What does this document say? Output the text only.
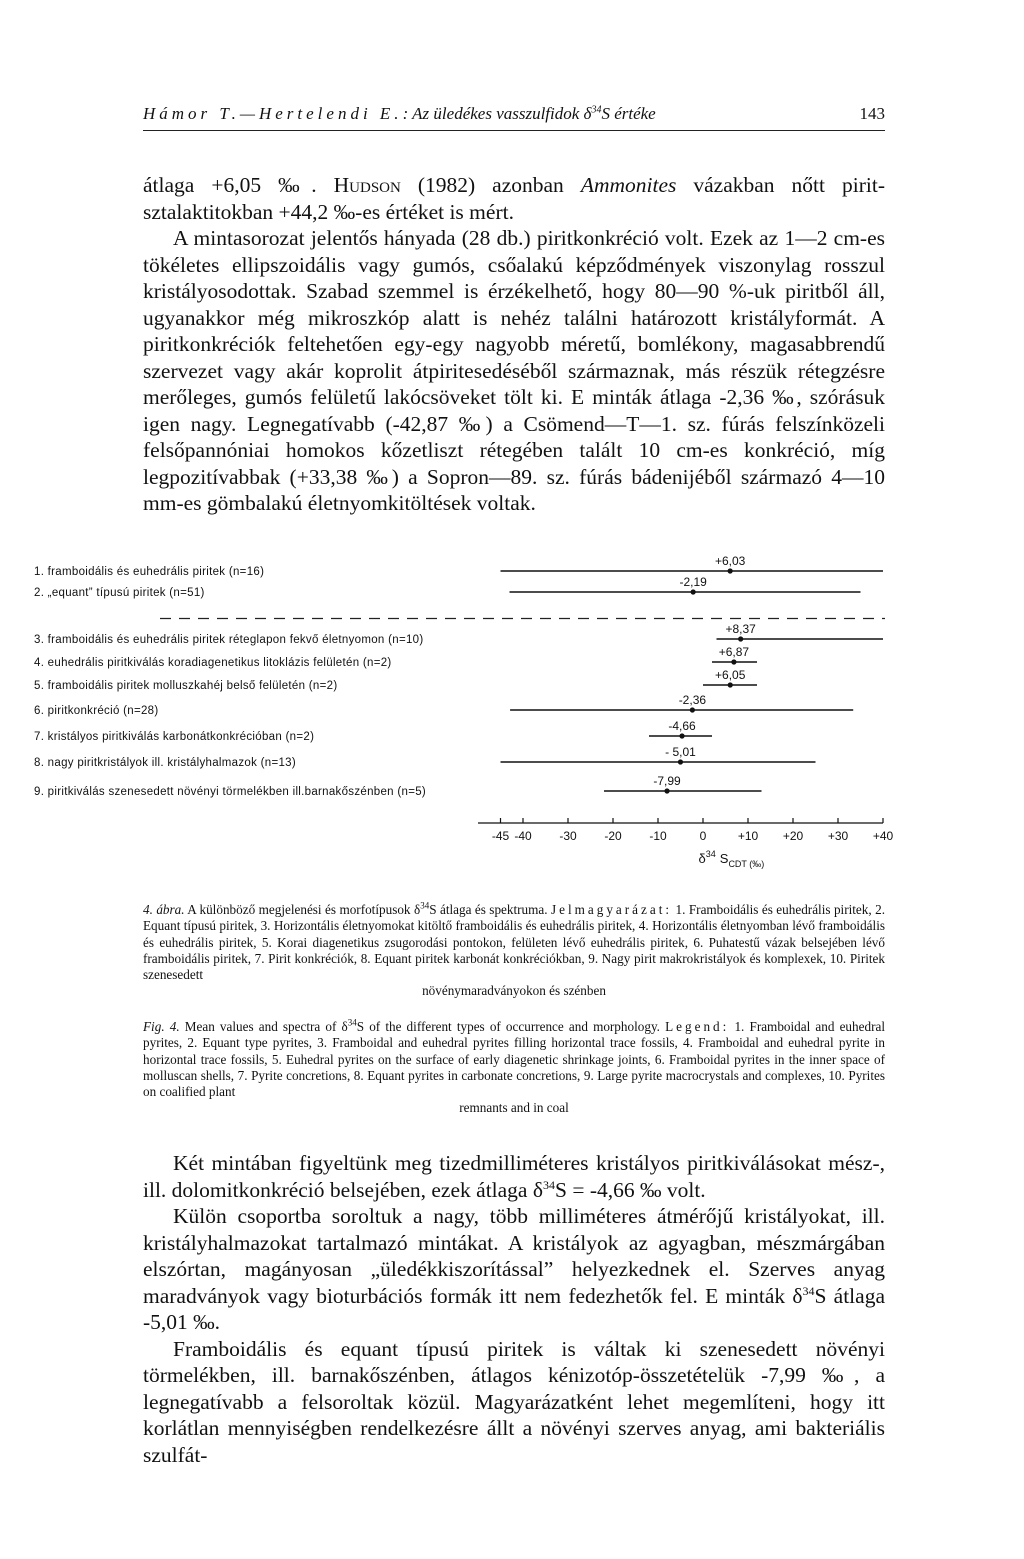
Hámor T.—Hertelendi E.: Az üledékes vasszulfidok $\delta^{34}S$ értéke	143

átlaga +6,05 ‰. Hudson (1982) azonban Ammonites vázakban nőtt pirit-sztalaktitokban +44,2 ‰-es értéket is mért.

A mintasorozat jelentős hányada (28 db.) piritkonkréció volt. Ezek az 1—2 cm-es tökéletes ellipszoidális vagy gumós, csőalakú képződmények viszonylag rosszul kristályosodottak. Szabad szemmel is érzékelhető, hogy 80—90 %-uk piritből áll, ugyanakkor még mikroszkóp alatt is nehéz találni határozott kristályformát. A piritkonkréciók feltehetően egy-egy nagyobb méretű, bomlékony, magasabbrendű szervezet vagy akár koprolit átpiritesedéséből származnak, más részük rétegzésre merőleges, gumós felületű lakócsöveket tölt ki. E minták átlaga -2,36 ‰, szórásuk igen nagy. Legnegatívabb (-42,87 ‰) a Csömend—T—1. sz. fúrás felszínközeli felsőpannóniai homokos kőzetliszt rétegében talált 10 cm-es konkréció, míg legpozitívabbak (+33,38 ‰) a Sopron—89. sz. fúrás bádenijéből származó 4—10 mm-es gömbalakú életnyomkitöltések voltak.

1. framboidális és euhedrális piritek (n=16)
+6,03
2. „equant” típusú piritek (n=51)
-2,19
3. framboidális és euhedrális piritek réteglapon fekvő életnyomon (n=10)
+8,37
4. euhedrális piritkiválás koradiagenetikus litoklázis felületén (n=2)
+6,87
5. framboidális piritek molluszkahéj belső felületén (n=2)
+6,05
6. piritkonkréció (n=28)
-2,36
7. kristályos piritkiválás karbonátkonkrécióban (n=2)
-4,66
8. nagy piritkristályok ill. kristályhalmazok (n=13)
- 5,01
9. piritkiválás szenesedett növényi törmelékben ill.barnakőszénben (n=5)
-7,99
-45 -40 -30 -20 -10	0	+10 +20 +30 +40
$\delta^{34}$ $S_{CDT (‰)}$
4. ábra. A különböző megjelenési és morfotípusok $\delta^{34}S$ átlaga és spektruma. Jelmagyarázat: 1. Framboidális és euhedrális piritek, 2. Equant típusú piritek, 3. Horizontális életnyomokat kitöltő framboidális és euhedrális piritek, 4. Horizontális életnyomban lévő framboidális és euhedrális piritek, 5. Korai diagenetikus zsugorodási pontokon, felületen lévő euhedrális piritek, 6. Puhatestű vázak belsejében lévő framboidális piritek, 7. Pirit konkréciók, 8. Equant piritek karbonát konkréciókban, 9. Nagy pirit makrokristályok és komplexek, 10. Piritek szenesedett
növénymaradványokon és szénben
Fig. 4. Mean values and spectra of $\delta^{34}S$ of the different types of occurrence and morphology. Legend: 1. Framboidal and euhedral pyrites, 2. Equant type pyrites, 3. Framboidal and euhedral pyrites filling horizontal trace fossils, 4. Framboidal and euhedral pyrite in horizontal trace fossils, 5. Euhedral pyrites on the surface of early diagenetic shrinkage joints, 6. Framboidal pyrites in the inner space of molluscan shells, 7. Pyrite concretions, 8. Equant pyrites in carbonate concretions, 9. Large pyrite macrocrystals and complexes, 10. Pyrites on coalified plant
remnants and in coal

Két mintában figyeltünk meg tizedmilliméteres kristályos piritkiválásokat mész-, ill. dolomitkonkréció belsejében, ezek átlaga $\delta^{34}S = -4,66$ ‰ volt.

Külön csoportba soroltuk a nagy, több milliméteres átmérőjű kristályokat, ill. kristályhalmazokat tartalmazó mintákat. A kristályok az agyagban, mészmárgában elszórtan, magányosan „üledékkiszorítással” helyezkednek el. Szerves anyag maradványok vagy bioturbációs formák itt nem fedezhetők fel. E minták $\delta^{34}S$ átlaga -5,01 ‰.

Framboidális és equant típusú piritek is váltak ki szenesedett növényi törmelékben, ill. barnakőszénben, átlagos kénizotóp-összetételük -7,99 ‰, a legnegatívabb a felsoroltak közül. Magyarázatként lehet megemlíteni, hogy itt korlátlan mennyiségben rendelkezésre állt a növényi szerves anyag, ami bakteriális szulfát-
